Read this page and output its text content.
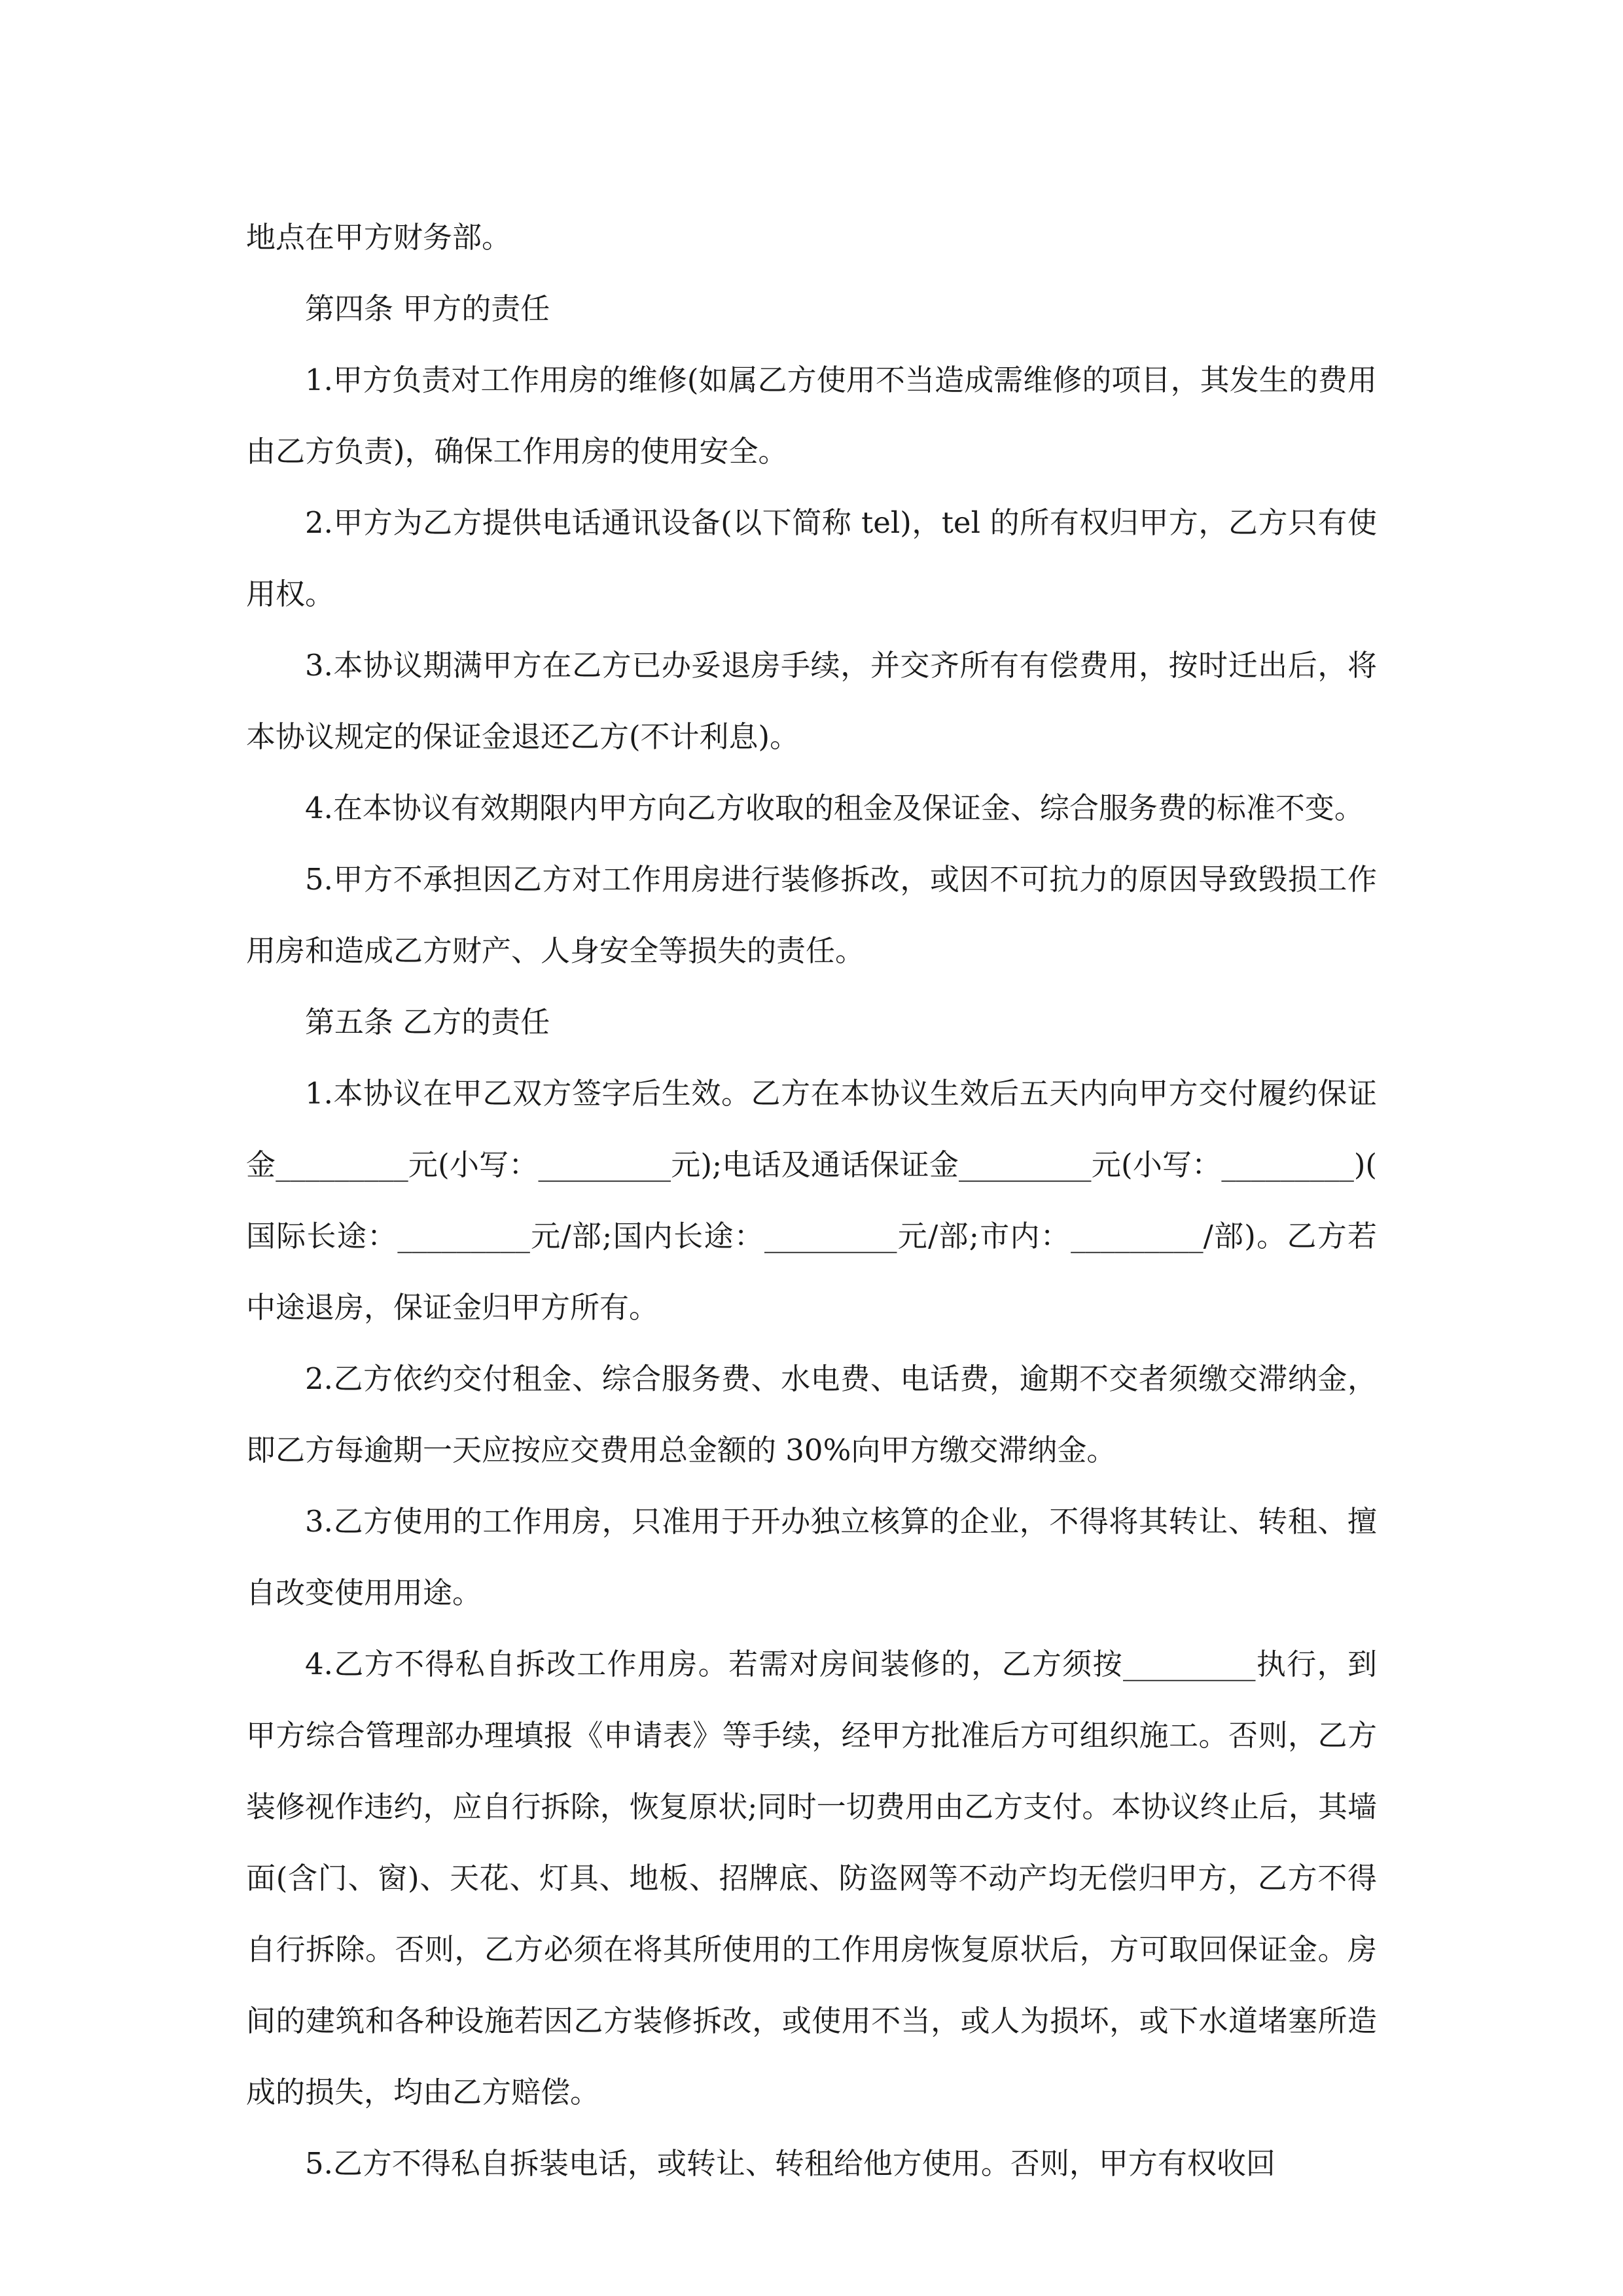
地点在甲方财务部。

第四条 甲方的责任

1.甲方负责对工作用房的维修(如属乙方使用不当造成需维修的项目，其发生的费用由乙方负责)，确保工作用房的使用安全。

2.甲方为乙方提供电话通讯设备(以下简称 tel)，tel 的所有权归甲方，乙方只有使用权。

3.本协议期满甲方在乙方已办妥退房手续，并交齐所有有偿费用，按时迁出后，将本协议规定的保证金退还乙方(不计利息)。

4.在本协议有效期限内甲方向乙方收取的租金及保证金、综合服务费的标准不变。

5.甲方不承担因乙方对工作用房进行装修拆改，或因不可抗力的原因导致毁损工作用房和造成乙方财产、人身安全等损失的责任。

第五条 乙方的责任

1.本协议在甲乙双方签字后生效。乙方在本协议生效后五天内向甲方交付履约保证金_________元(小写：_________元);电话及通话保证金_________元(小写：_________)(国际长途：_________元/部;国内长途：_________元/部;市内：_________/部)。乙方若中途退房，保证金归甲方所有。

2.乙方依约交付租金、综合服务费、水电费、电话费，逾期不交者须缴交滞纳金，即乙方每逾期一天应按应交费用总金额的 30%向甲方缴交滞纳金。

3.乙方使用的工作用房，只准用于开办独立核算的企业，不得将其转让、转租、擅自改变使用用途。

4.乙方不得私自拆改工作用房。若需对房间装修的，乙方须按_________执行，到甲方综合管理部办理填报《申请表》等手续，经甲方批准后方可组织施工。否则，乙方装修视作违约，应自行拆除，恢复原状;同时一切费用由乙方支付。本协议终止后，其墙面(含门、窗)、天花、灯具、地板、招牌底、防盗网等不动产均无偿归甲方，乙方不得自行拆除。否则，乙方必须在将其所使用的工作用房恢复原状后，方可取回保证金。房间的建筑和各种设施若因乙方装修拆改，或使用不当，或人为损坏，或下水道堵塞所造成的损失，均由乙方赔偿。

5.乙方不得私自拆装电话，或转让、转租给他方使用。否则，甲方有权收回
